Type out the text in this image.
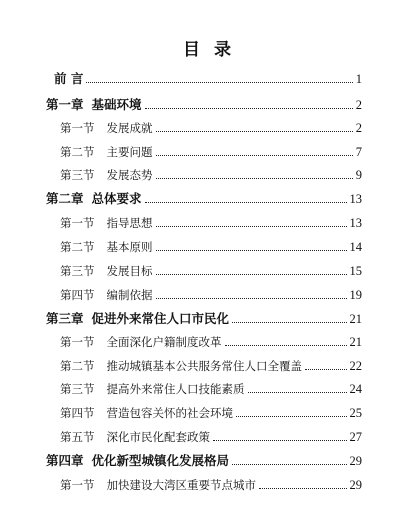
目录
前 言	1
第一章 基础环境	2
第一节 发展成就	2
第二节 主要问题	7
第三节 发展态势	9
第二章 总体要求	13
第一节 指导思想	13
第二节 基本原则	14
第三节 发展目标	15
第四节 编制依据	19
第三章 促进外来常住人口市民化	21
第一节 全面深化户籍制度改革	21
第二节 推动城镇基本公共服务常住人口全覆盖	22
第三节 提高外来常住人口技能素质	24
第四节 营造包容关怀的社会环境	25
第五节 深化市民化配套政策	27
第四章 优化新型城镇化发展格局	29
第一节 加快建设大湾区重要节点城市	29
